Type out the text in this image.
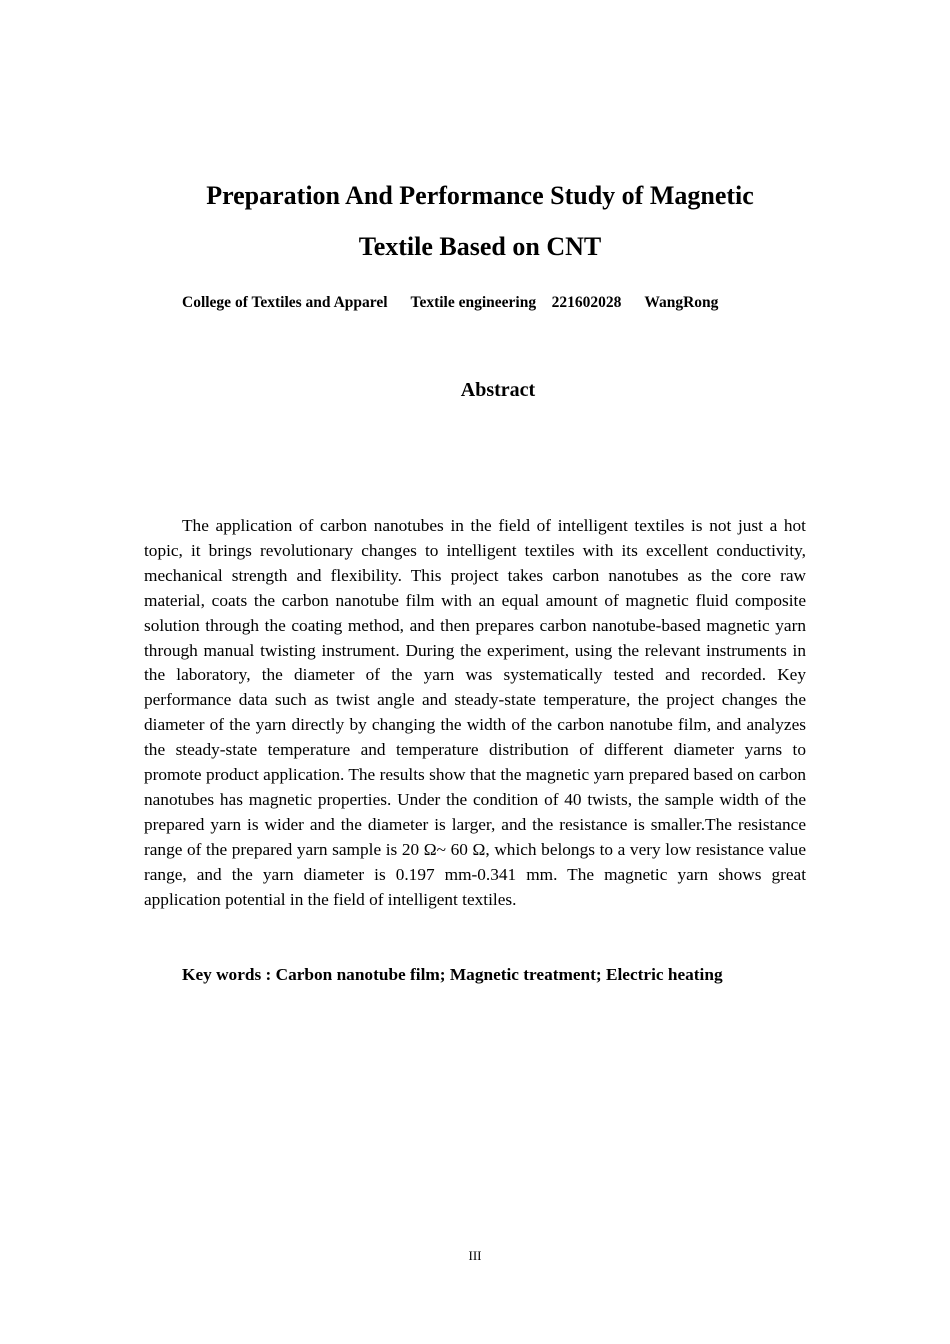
Preparation And Performance Study of Magnetic
Textile Based on CNT

College of Textiles and Apparel Textile engineering 221602028 WangRong

Abstract

The application of carbon nanotubes in the field of intelligent textiles is not just a hot topic, it brings revolutionary changes to intelligent textiles with its excellent conductivity, mechanical strength and flexibility. This project takes carbon nanotubes as the core raw material, coats the carbon nanotube film with an equal amount of magnetic fluid composite solution through the coating method, and then prepares carbon nanotube-based magnetic yarn through manual twisting instrument. During the experiment, using the relevant instruments in the laboratory, the diameter of the yarn was systematically tested and recorded. Key performance data such as twist angle and steady-state temperature, the project changes the diameter of the yarn directly by changing the width of the carbon nanotube film, and analyzes the steady-state temperature and temperature distribution of different diameter yarns to promote product application. The results show that the magnetic yarn prepared based on carbon nanotubes has magnetic properties. Under the condition of 40 twists, the sample width of the prepared yarn is wider and the diameter is larger, and the resistance is smaller.The resistance range of the prepared yarn sample is 20 Ω~ 60 Ω, which belongs to a very low resistance value range, and the yarn diameter is 0.197 mm-0.341 mm. The magnetic yarn shows great application potential in the field of intelligent textiles.

Key words : Carbon nanotube film; Magnetic treatment; Electric heating

III
